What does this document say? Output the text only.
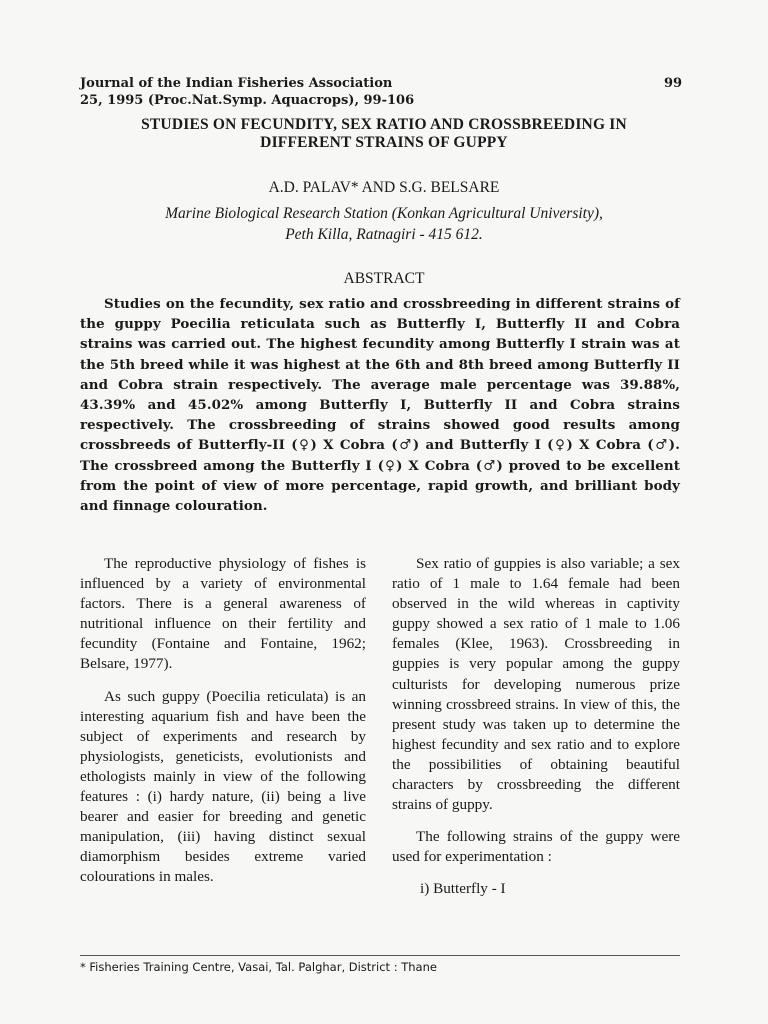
Journal of the Indian Fisheries Association
25, 1995 (Proc.Nat.Symp. Aquacrops), 99-106
99
STUDIES ON FECUNDITY, SEX RATIO AND CROSSBREEDING IN
DIFFERENT STRAINS OF GUPPY
A.D. PALAV* AND S.G. BELSARE
Marine Biological Research Station (Konkan Agricultural University),
Peth Killa, Ratnagiri - 415 612.
ABSTRACT
Studies on the fecundity, sex ratio and crossbreeding in different strains of the guppy Poecilia reticulata such as Butterfly I, Butterfly II and Cobra strains was carried out. The highest fecundity among Butterfly I strain was at the 5th breed while it was highest at the 6th and 8th breed among Butterfly II and Cobra strain respectively. The average male percentage was 39.88%, 43.39% and 45.02% among Butterfly I, Butterfly II and Cobra strains respectively. The crossbreeding of strains showed good results among crossbreeds of Butterfly-II (♀) X Cobra (♂) and Butterfly I (♀) X Cobra (♂). The crossbreed among the Butterfly I (♀) X Cobra (♂) proved to be excellent from the point of view of more percentage, rapid growth, and brilliant body and finnage colouration.

The reproductive physiology of fishes is influenced by a variety of environmental factors. There is a general awareness of nutritional influence on their fertility and fecundity (Fontaine and Fontaine, 1962; Belsare, 1977).

As such guppy (Poecilia reticulata) is an interesting aquarium fish and have been the subject of experiments and research by physiologists, geneticists, evolutionists and ethologists mainly in view of the following features : (i) hardy nature, (ii) being a live bearer and easier for breeding and genetic manipulation, (iii) having distinct sexual diamorphism besides extreme varied colourations in males.

Sex ratio of guppies is also variable; a sex ratio of 1 male to 1.64 female had been observed in the wild whereas in captivity guppy showed a sex ratio of 1 male to 1.06 females (Klee, 1963). Crossbreeding in guppies is very popular among the guppy culturists for developing numerous prize winning crossbreed strains. In view of this, the present study was taken up to determine the highest fecundity and sex ratio and to explore the possibilities of obtaining beautiful characters by crossbreeding the different strains of guppy.

The following strains of the guppy were used for experimentation :

i) Butterfly - I

* Fisheries Training Centre, Vasai, Tal. Palghar, District : Thane
